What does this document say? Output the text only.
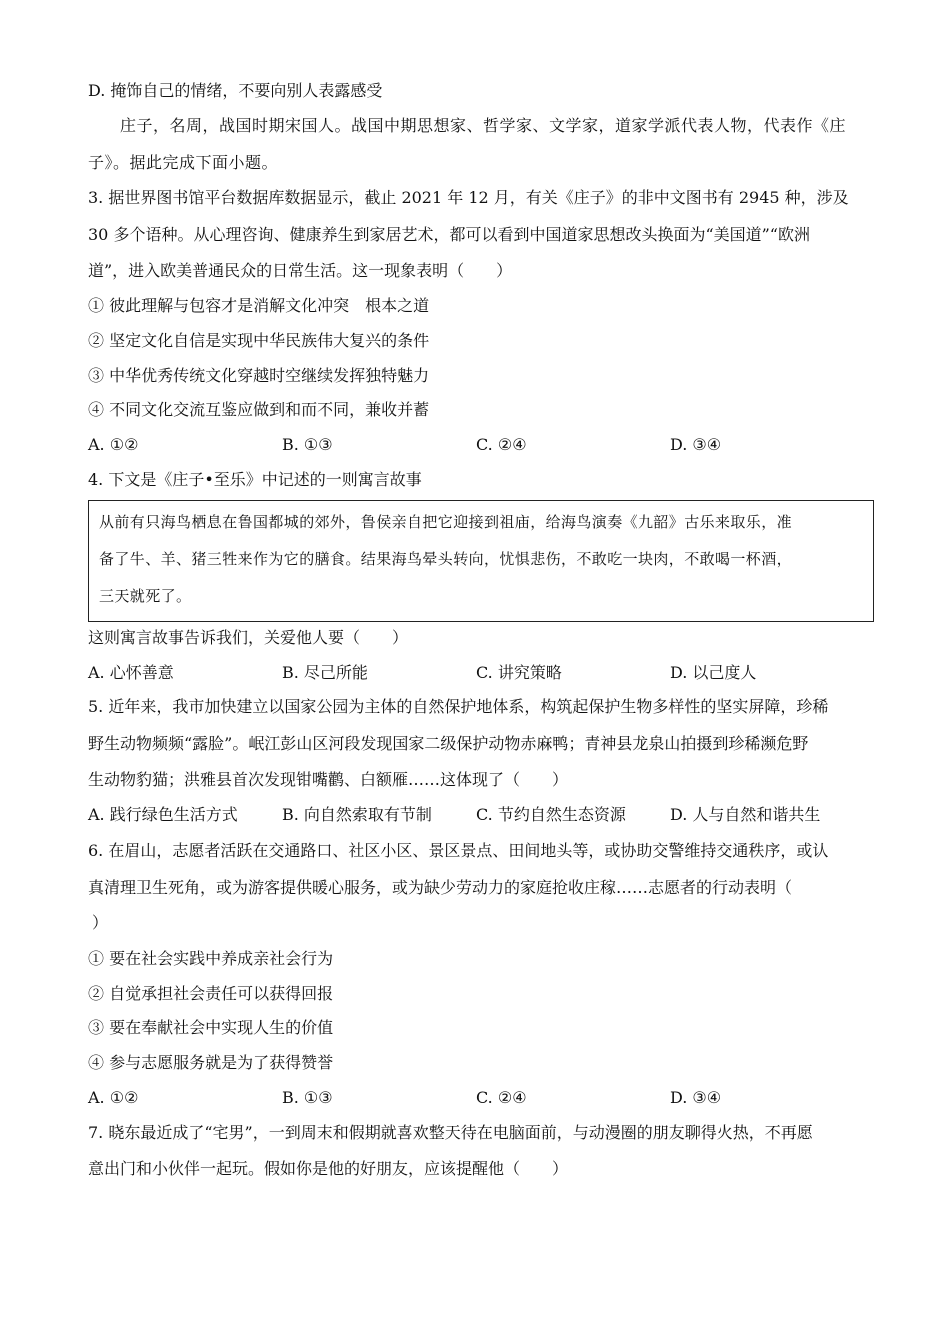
D. 掩饰自己的情绪，不要向别人表露感受
庄子，名周，战国时期宋国人。战国中期思想家、哲学家、文学家，道家学派代表人物，代表作《庄
子》。据此完成下面小题。
3. 据世界图书馆平台数据库数据显示，截止 2021 年 12 月，有关《庄子》的非中文图书有 2945 种，涉及
30 多个语种。从心理咨询、健康养生到家居艺术，都可以看到中国道家思想改头换面为“美国道”“欧洲
道”，进入欧美普通民众的日常生活。这一现象表明（　　）
① 彼此理解与包容才是消解文化冲突　根本之道
② 坚定文化自信是实现中华民族伟大复兴的条件
③ 中华优秀传统文化穿越时空继续发挥独特魅力
④ 不同文化交流互鉴应做到和而不同，兼收并蓄
A. ①②	B. ①③	C. ②④	D. ③④
4. 下文是《庄子•至乐》中记述的一则寓言故事
从前有只海鸟栖息在鲁国都城的郊外，鲁侯亲自把它迎接到祖庙，给海鸟演奏《九韶》古乐来取乐，准
备了牛、羊、猪三牲来作为它的膳食。结果海鸟晕头转向，忧惧悲伤，不敢吃一块肉，不敢喝一杯酒，
三天就死了。
这则寓言故事告诉我们，关爱他人要（　　）
A. 心怀善意	B. 尽己所能	C. 讲究策略	D. 以己度人
5. 近年来，我市加快建立以国家公园为主体的自然保护地体系，构筑起保护生物多样性的坚实屏障，珍稀
野生动物频频“露脸”。岷江彭山区河段发现国家二级保护动物赤麻鸭；青神县龙泉山拍摄到珍稀濒危野
生动物豹猫；洪雅县首次发现钳嘴鹳、白额雁……这体现了（　　）
A. 践行绿色生活方式	B. 向自然索取有节制	C. 节约自然生态资源	D. 人与自然和谐共生
6. 在眉山，志愿者活跃在交通路口、社区小区、景区景点、田间地头等，或协助交警维持交通秩序，或认
真清理卫生死角，或为游客提供暖心服务，或为缺少劳动力的家庭抢收庄稼……志愿者的行动表明（
）
① 要在社会实践中养成亲社会行为
② 自觉承担社会责任可以获得回报
③ 要在奉献社会中实现人生的价值
④ 参与志愿服务就是为了获得赞誉
A. ①②	B. ①③	C. ②④	D. ③④
7. 晓东最近成了“宅男”，一到周末和假期就喜欢整天待在电脑面前，与动漫圈的朋友聊得火热，不再愿
意出门和小伙伴一起玩。假如你是他的好朋友，应该提醒他（　　）
